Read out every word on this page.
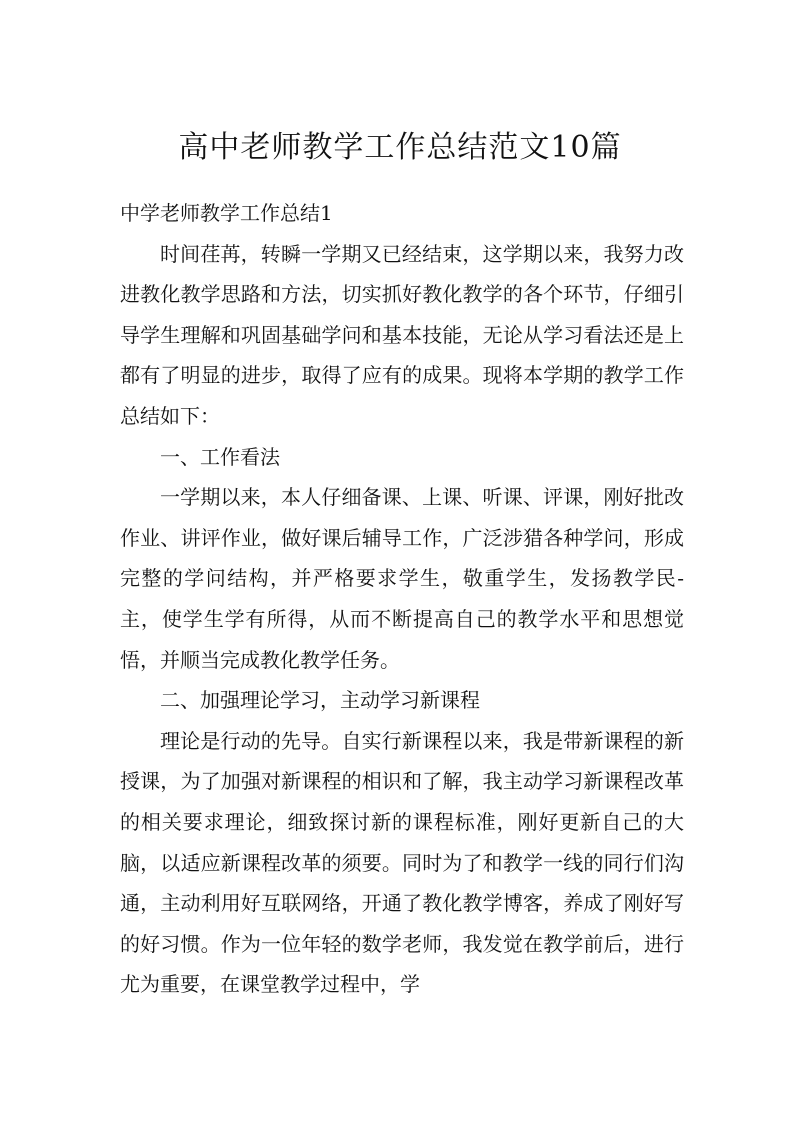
高中老师教学工作总结范文10篇

中学老师教学工作总结1

时间荏苒，转瞬一学期又已经结束，这学期以来，我努力改进教化教学思路和方法，切实抓好教化教学的各个环节，仔细引导学生理解和巩固基础学问和基本技能，无论从学习看法还是上都有了明显的进步，取得了应有的成果。现将本学期的教学工作总结如下：

一、工作看法

一学期以来，本人仔细备课、上课、听课、评课，刚好批改作业、讲评作业，做好课后辅导工作，广泛涉猎各种学问，形成完整的学问结构，并严格要求学生，敬重学生，发扬教学民-主，使学生学有所得，从而不断提高自己的教学水平和思想觉悟，并顺当完成教化教学任务。

二、加强理论学习，主动学习新课程

理论是行动的先导。自实行新课程以来，我是带新课程的新授课，为了加强对新课程的相识和了解，我主动学习新课程改革的相关要求理论，细致探讨新的课程标准，刚好更新自己的大脑，以适应新课程改革的须要。同时为了和教学一线的同行们沟通，主动利用好互联网络，开通了教化教学博客，养成了刚好写的好习惯。作为一位年轻的数学老师，我发觉在教学前后，进行尤为重要，在课堂教学过程中，学
